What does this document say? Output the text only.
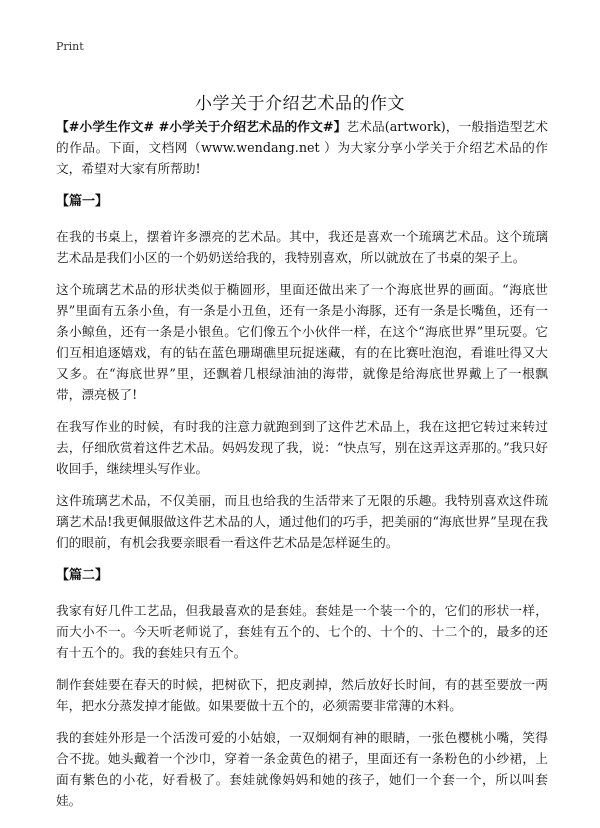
Print
小学关于介绍艺术品的作文

【#小学生作文# #小学关于介绍艺术品的作文#】艺术品(artwork)，一般指造型艺术的作品。下面，文档网（www.wendang.net ）为大家分享小学关于介绍艺术品的作文，希望对大家有所帮助!

【篇一】

在我的书桌上，摆着许多漂亮的艺术品。其中，我还是喜欢一个琉璃艺术品。这个琉璃艺术品是我们小区的一个奶奶送给我的，我特别喜欢，所以就放在了书桌的架子上。

这个琉璃艺术品的形状类似于椭圆形，里面还做出来了一个海底世界的画面。“海底世界”里面有五条小鱼，有一条是小丑鱼，还有一条是小海豚，还有一条是长嘴鱼，还有一条小鲸鱼，还有一条是小银鱼。它们像五个小伙伴一样，在这个“海底世界”里玩耍。它们互相追逐嬉戏，有的钻在蓝色珊瑚礁里玩捉迷藏，有的在比赛吐泡泡，看谁吐得又大又多。在“海底世界”里，还飘着几根绿油油的海带，就像是给海底世界戴上了一根飘带，漂亮极了!

在我写作业的时候，有时我的注意力就跑到到了这件艺术品上，我在这把它转过来转过去，仔细欣赏着这件艺术品。妈妈发现了我，说：“快点写，别在这弄这弄那的。”我只好收回手，继续埋头写作业。

这件琉璃艺术品，不仅美丽，而且也给我的生活带来了无限的乐趣。我特别喜欢这件琉璃艺术品!我更佩服做这件艺术品的人，通过他们的巧手，把美丽的“海底世界”呈现在我们的眼前，有机会我要亲眼看一看这件艺术品是怎样诞生的。

【篇二】

我家有好几件工艺品，但我最喜欢的是套娃。套娃是一个装一个的，它们的形状一样，而大小不一。今天听老师说了，套娃有五个的、七个的、十个的、十二个的，最多的还有十五个的。我的套娃只有五个。

制作套娃要在春天的时候，把树砍下，把皮剥掉，然后放好长时间，有的甚至要放一两年，把水分蒸发掉才能做。如果要做十五个的，必须需要非常薄的木料。

我的套娃外形是一个活泼可爱的小姑娘，一双炯炯有神的眼睛，一张色樱桃小嘴，笑得合不拢。她头戴着一个沙巾，穿着一条金黄色的裙子，里面还有一条粉色的小纱裙，上面有紫色的小花，好看极了。套娃就像妈妈和她的孩子，她们一个套一个，所以叫套娃。
